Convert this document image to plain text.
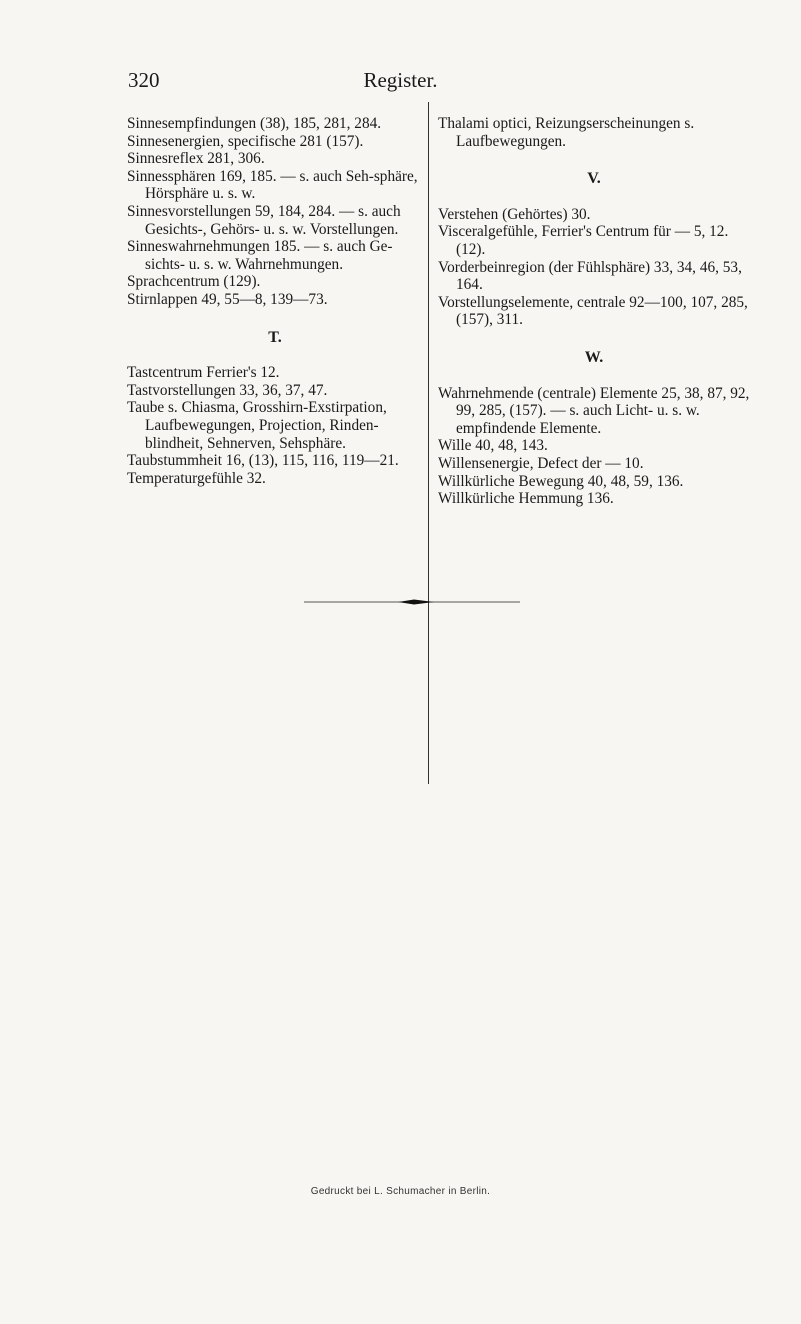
320	Register.

Sinnesempfindungen (38), 185, 281, 284.

Sinnesenergien, specifische 281 (157).

Sinnesreflex 281, 306.

Sinnessphären 169, 185. — s. auch Seh-sphäre, Hörsphäre u. s. w.

Sinnesvorstellungen 59, 184, 284. — s. auch Gesichts-, Gehörs- u. s. w. Vorstellungen.

Sinneswahrnehmungen 185. — s. auch Ge-sichts- u. s. w. Wahrnehmungen.

Sprachcentrum (129).

Stirnlappen 49, 55—8, 139—73.

T.

Tastcentrum Ferrier's 12.

Tastvorstellungen 33, 36, 37, 47.

Taube s. Chiasma, Grosshirn-Exstirpation, Laufbewegungen, Projection, Rinden-blindheit, Sehnerven, Sehsphäre.

Taubstummheit 16, (13), 115, 116, 119—21.

Temperaturgefühle 32.

Thalami optici, Reizungserscheinungen s. Laufbewegungen.

V.

Verstehen (Gehörtes) 30.

Visceralgefühle, Ferrier's Centrum für — 5, 12. (12).

Vorderbeinregion (der Fühlsphäre) 33, 34, 46, 53, 164.

Vorstellungselemente, centrale 92—100, 107, 285, (157), 311.

W.

Wahrnehmende (centrale) Elemente 25, 38, 87, 92, 99, 285, (157). — s. auch Licht- u. s. w. empfindende Elemente.

Wille 40, 48, 143.

Willensenergie, Defect der — 10.

Willkürliche Bewegung 40, 48, 59, 136.

Willkürliche Hemmung 136.

Gedruckt bei L. Schumacher in Berlin.
